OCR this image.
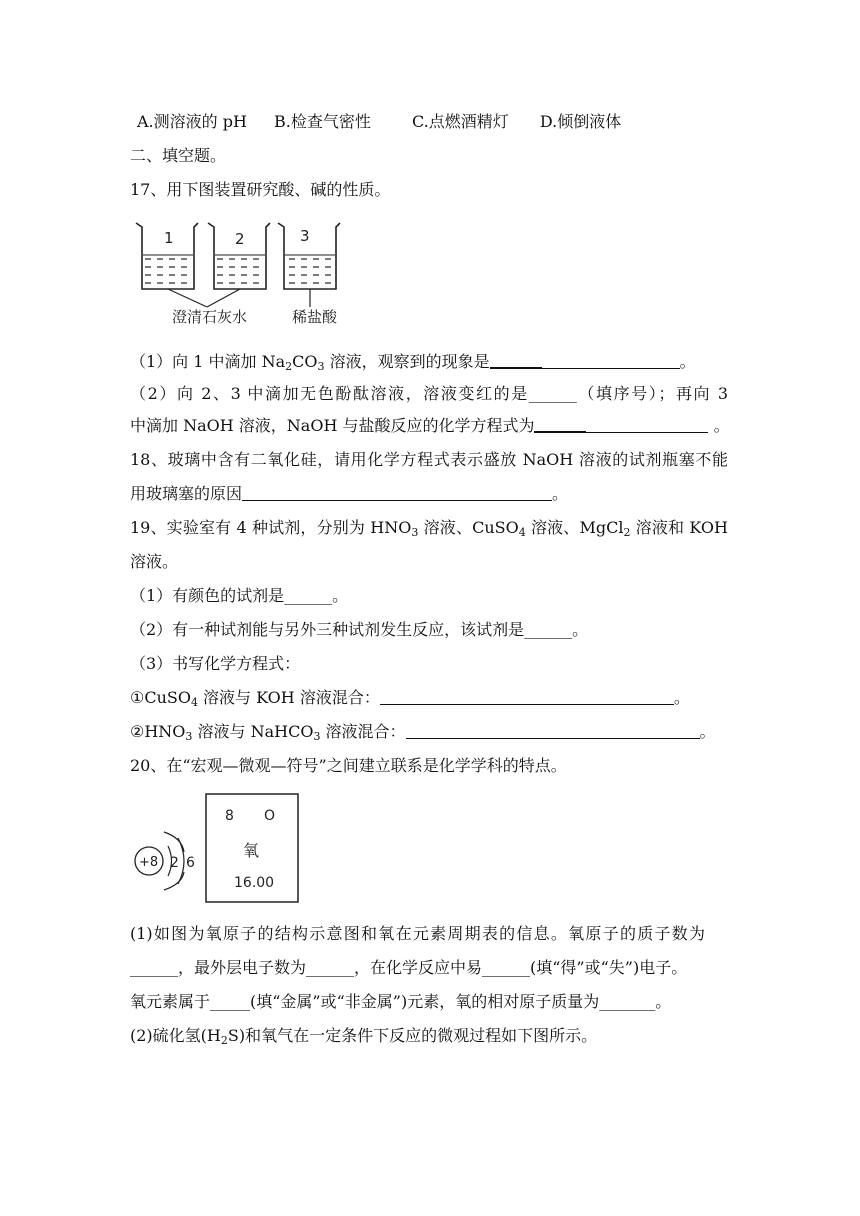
A.测溶液的 pH B.检查气密性	C.点燃酒精灯 D.倾倒液体
二、填空题。
17、用下图装置研究酸、碱的性质。
1	2	3
澄清石灰水	稀盐酸
（1）向 1 中滴加 $Na_2CO_3$ 溶液，观察到的现象是	。
（2）向 2、3 中滴加无色酚酞溶液，溶液变红的是______（填序号）；再向 3
中滴加 NaOH 溶液，NaOH 与盐酸反应的化学方程式为	。
18、玻璃中含有二氧化硅，请用化学方程式表示盛放 NaOH 溶液的试剂瓶塞不能
用玻璃塞的原因	。
19、实验室有 4 种试剂，分别为 $HNO_3$ 溶液、CuSO$_4$ 溶液、MgCl$_2$ 溶液和 KOH
溶液。
（1）有颜色的试剂是______。
（2）有一种试剂能与另外三种试剂发生反应，该试剂是______。
（3）书写化学方程式：
①CuSO$_4$ 溶液与 KOH 溶液混合：	。
$②HNO_3$ 溶液与 NaHCO$_3$ 溶液混合：	。
20、在“宏观—微观—符号”之间建立联系是化学学科的特点。
+8 2 6
8 O
氧
16.00
(1)如图为氧原子的结构示意图和氧在元素周期表的信息。氧原子的质子数为
______，最外层电子数为______，在化学反应中易______(填“得”或“失”)电子。
氧元素属于_____(填“金属”或“非金属”)元素，氧的相对原子质量为_______。
(2)硫化氢$(H_2S)$和氧气在一定条件下反应的微观过程如下图所示。
